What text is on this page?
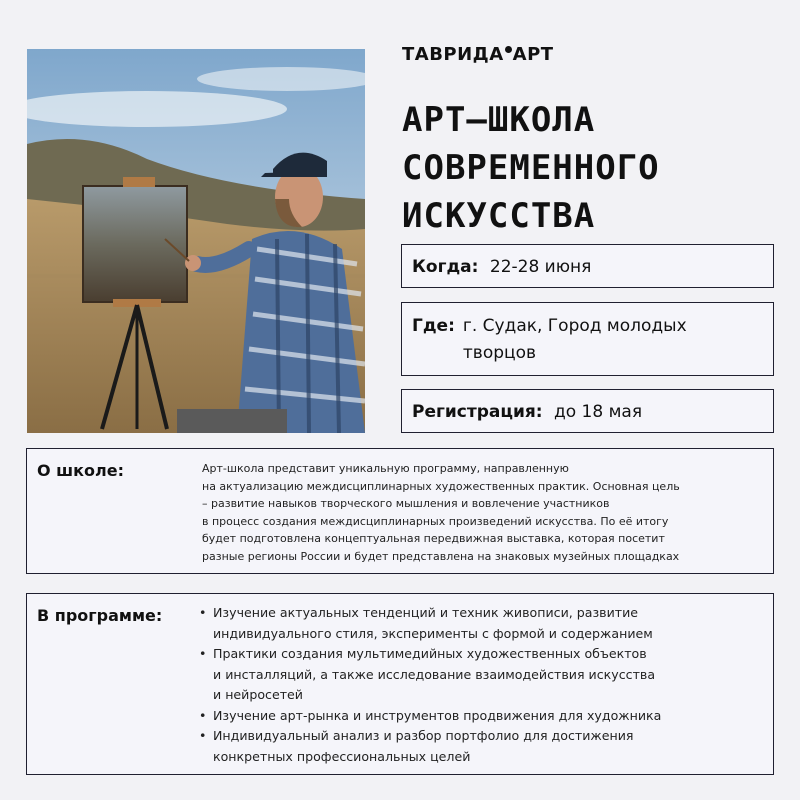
ТАВРИДА АРТ
АРТ–ШКОЛА
СОВРЕМЕННОГО
ИСКУССТВА
Когда: 22-28 июня
Где: г. Судак, Город молодых
творцов
Регистрация: до 18 мая
О школе:	Арт-школа представит уникальную программу, направленную
на актуализацию междисциплинарных художественных практик. Основная цель
– развитие навыков творческого мышления и вовлечение участников
в процесс создания междисциплинарных произведений искусства. По её итогу
будет подготовлена концептуальная передвижная выставка, которая посетит
разные регионы России и будет представлена на знаковых музейных площадках
В программе:
•	Изучение актуальных тенденций и техник живописи, развитие
индивидуального стиля, эксперименты с формой и содержанием
• Практики создания мультимедийных художественных объектов
и инсталляций, а также исследование взаимодействия искусства
и нейросетей
• Изучение арт-рынка и инструментов продвижения для художника
• Индивидуальный анализ и разбор портфолио для достижения
конкретных профессиональных целей
